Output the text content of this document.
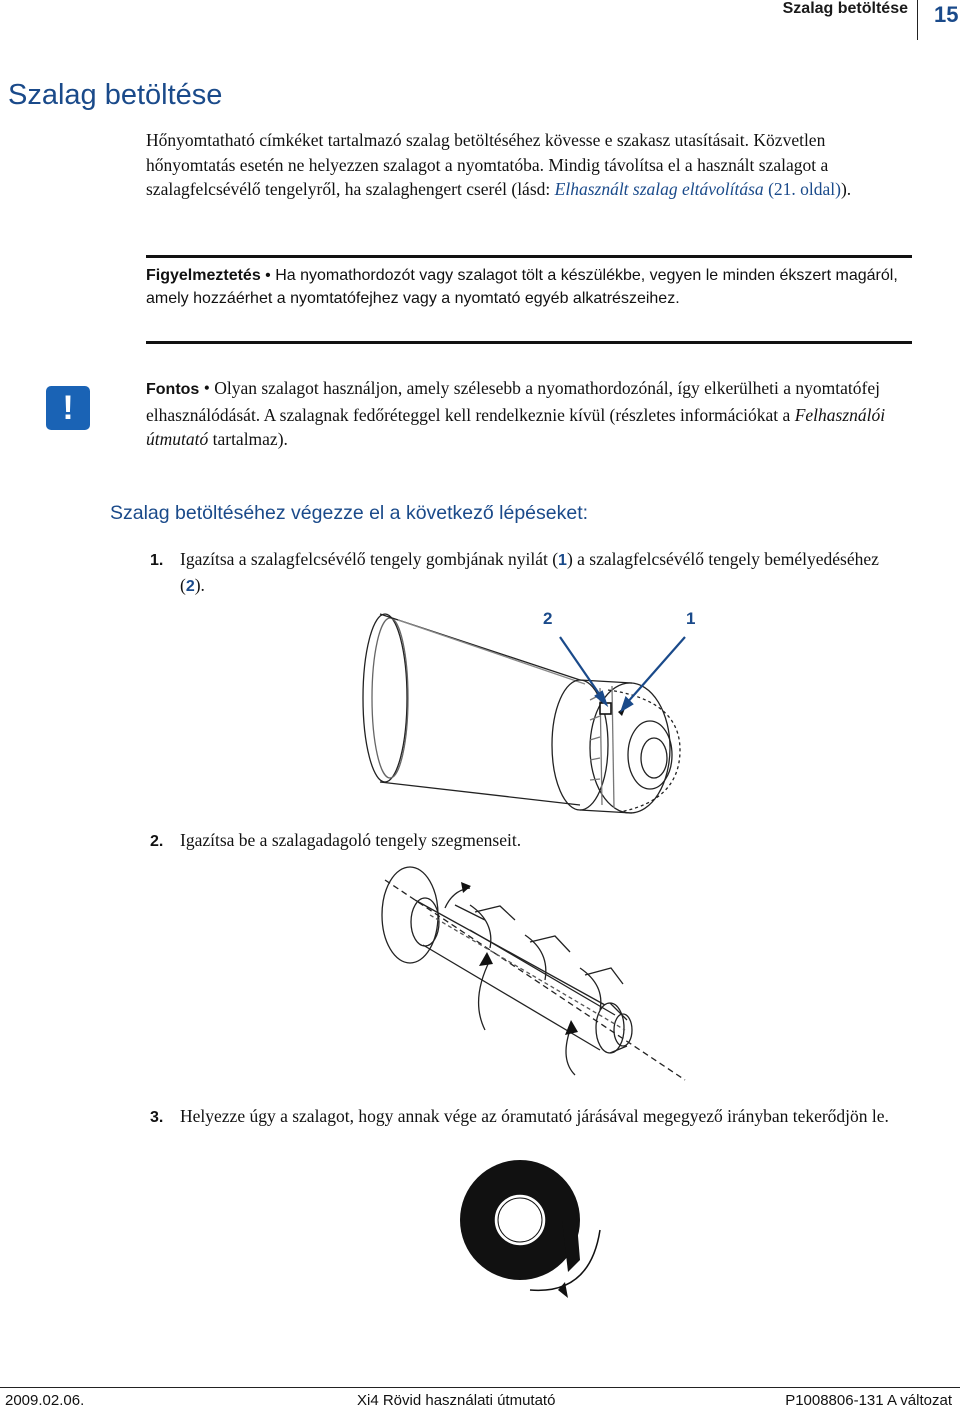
Szalag betöltése 15
Szalag betöltése
Hőnyomtatható címkéket tartalmazó szalag betöltéséhez kövesse e szakasz utasításait. Közvetlen hőnyomtatás esetén ne helyezzen szalagot a nyomtatóba. Mindig távolítsa el a használt szalagot a szalagfelcsévélő tengelyről, ha szalaghengert cserél (lásd: Elhasznált szalag eltávolítása (21. oldal)).
Figyelmeztetés • Ha nyomathordozót vagy szalagot tölt a készülékbe, vegyen le minden ékszert magáról, amely hozzáérhet a nyomtatófejhez vagy a nyomtató egyéb alkatrészeihez.
!	Fontos • Olyan szalagot használjon, amely szélesebb a nyomathordozónál, így elkerülheti a nyomtatófej elhasználódását. A szalagnak fedőréteggel kell rendelkeznie kívül (részletes információkat a Felhasználói útmutató tartalmaz).
Szalag betöltéséhez végezze el a következő lépéseket:
1. Igazítsa a szalagfelcsévélő tengely gombjának nyilát (1) a szalagfelcsévélő tengely bemélyedéséhez (2).
2	1
2. Igazítsa be a szalagadagoló tengely szegmenseit.
3. Helyezze úgy a szalagot, hogy annak vége az óramutató járásával megegyező irányban tekerődjön le.
2009.02.06.	Xi4 Rövid használati útmutató	P1008806-131 A változat
